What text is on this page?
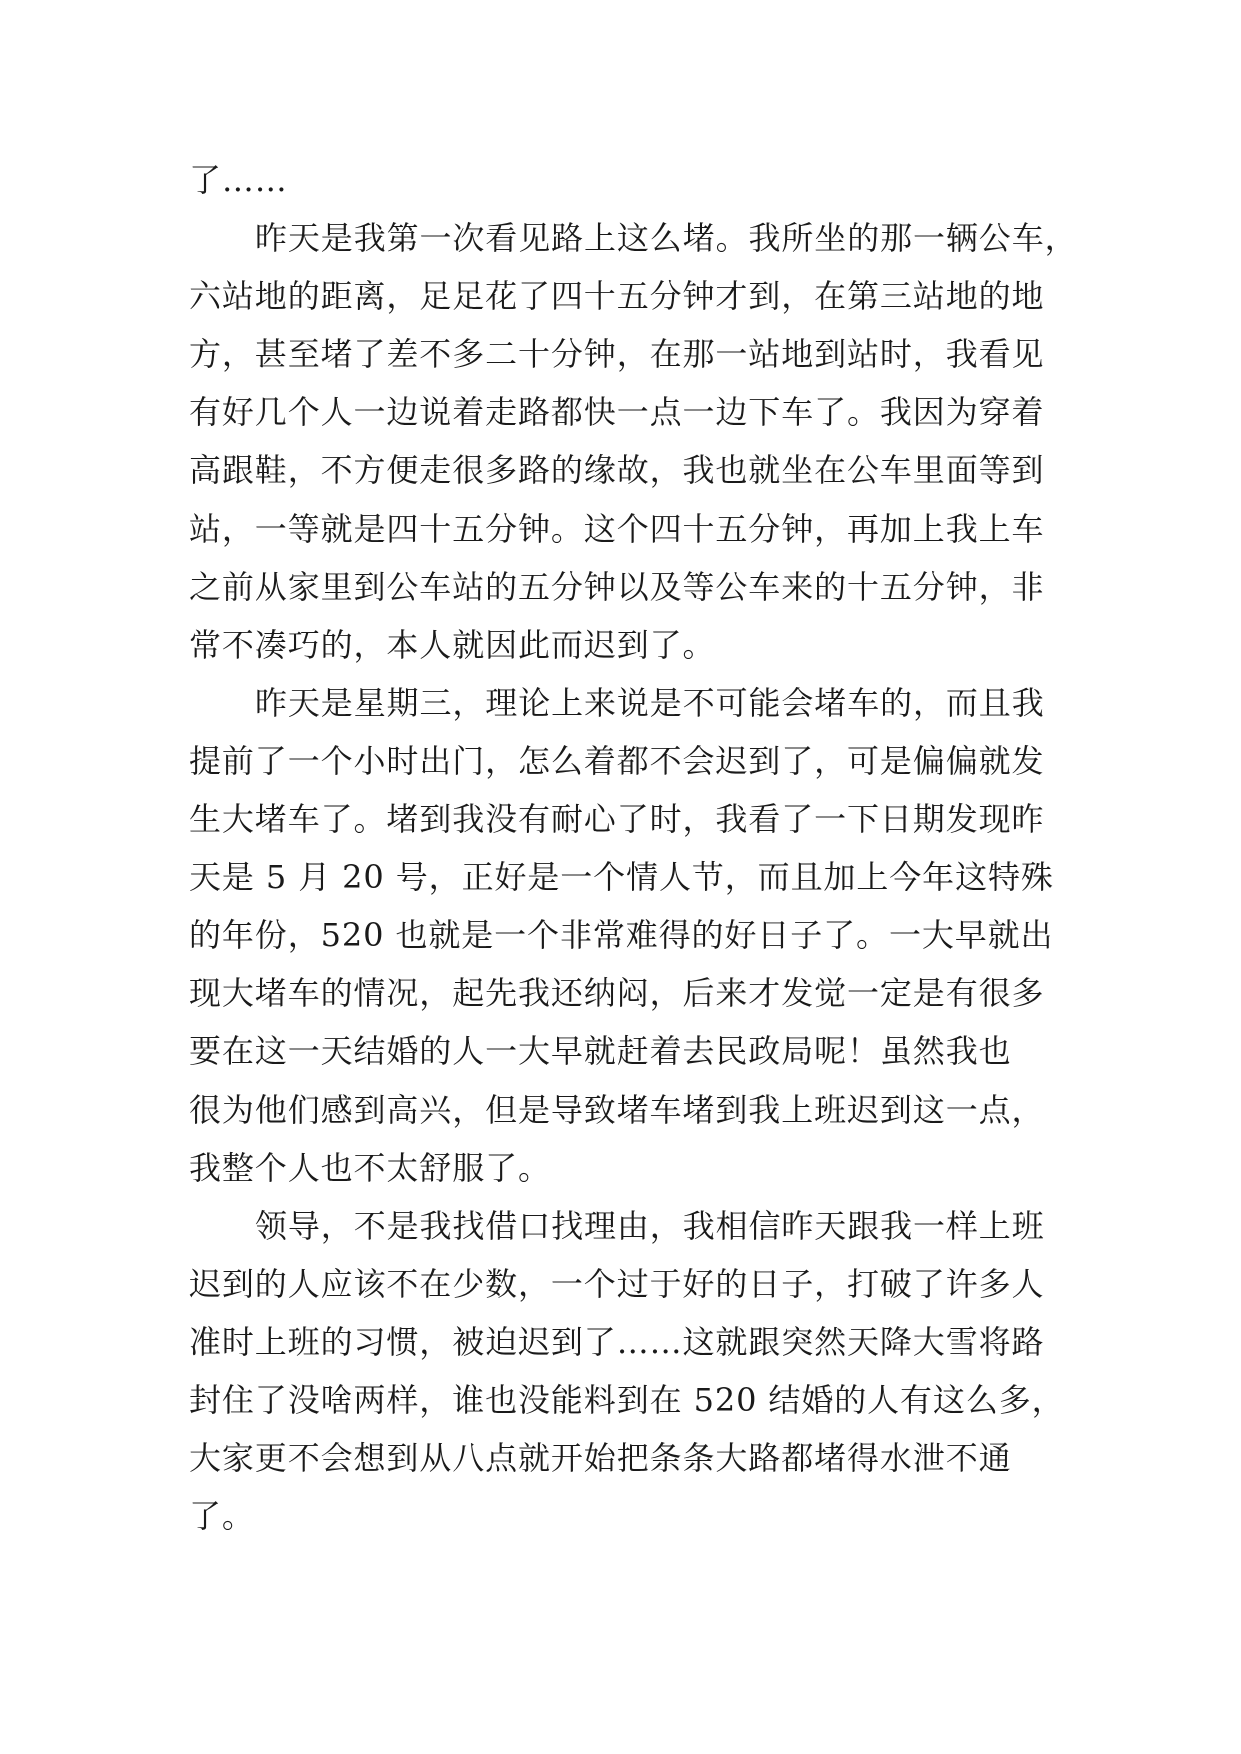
了……
昨天是我第一次看见路上这么堵。我所坐的那一辆公车，
六站地的距离，足足花了四十五分钟才到，在第三站地的地
方，甚至堵了差不多二十分钟，在那一站地到站时，我看见
有好几个人一边说着走路都快一点一边下车了。我因为穿着
高跟鞋，不方便走很多路的缘故，我也就坐在公车里面等到
站，一等就是四十五分钟。这个四十五分钟，再加上我上车
之前从家里到公车站的五分钟以及等公车来的十五分钟，非
常不凑巧的，本人就因此而迟到了。
昨天是星期三，理论上来说是不可能会堵车的，而且我
提前了一个小时出门，怎么着都不会迟到了，可是偏偏就发
生大堵车了。堵到我没有耐心了时，我看了一下日期发现昨
天是 5 月 20 号，正好是一个情人节，而且加上今年这特殊
的年份，520 也就是一个非常难得的好日子了。一大早就出
现大堵车的情况，起先我还纳闷，后来才发觉一定是有很多
要在这一天结婚的人一大早就赶着去民政局呢！虽然我也
很为他们感到高兴，但是导致堵车堵到我上班迟到这一点，
我整个人也不太舒服了。
领导，不是我找借口找理由，我相信昨天跟我一样上班
迟到的人应该不在少数，一个过于好的日子，打破了许多人
准时上班的习惯，被迫迟到了……这就跟突然天降大雪将路
封住了没啥两样，谁也没能料到在 520 结婚的人有这么多，
大家更不会想到从八点就开始把条条大路都堵得水泄不通
了。
